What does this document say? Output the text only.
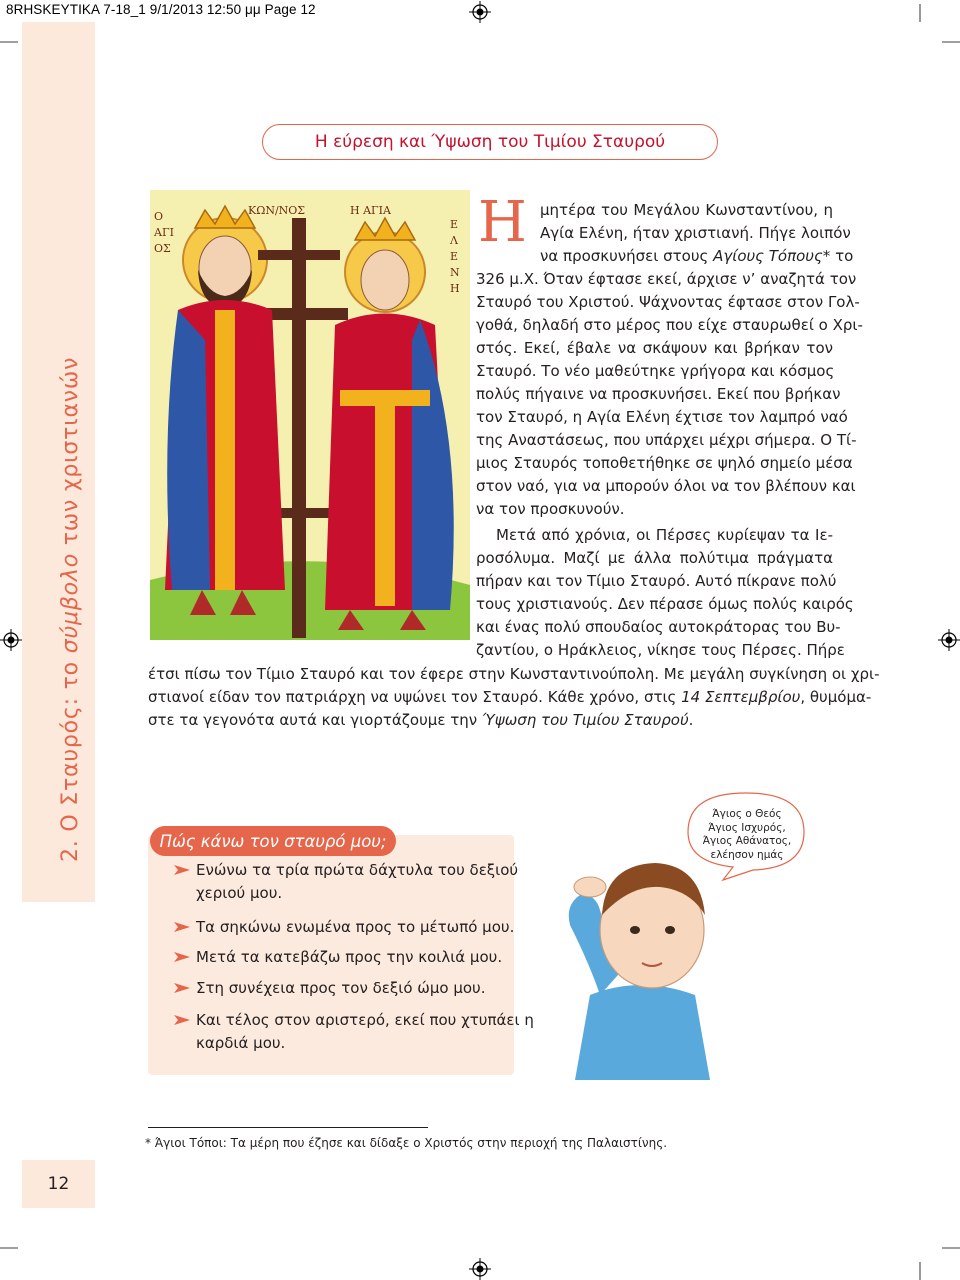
8RHSKEYTIKA 7-18_1 9/1/2013 12:50 μμ Page 12
2. Ο Σταυρός: το σύμβολο των χριστιανών
Η εύρεση και Ύψωση του Τιμίου Σταυρού
Ο
ΑΓΙ
ΟΣ
ΚΩΝ/ΝΟΣ	Η ΑΓΙΑ
Ε
Λ
Ε
Ν
Η
Η μητέρα του Μεγάλου Κωνσταντίνου, η
Αγία Ελένη, ήταν χριστιανή. Πήγε λοιπόν
να προσκυνήσει στους Αγίους Τόπους* το
326 μ.Χ. Όταν έφτασε εκεί, άρχισε ν’ αναζητά τον
Σταυρό του Χριστού. Ψάχνοντας έφτασε στον Γολ-
γοθά, δηλαδή στο μέρος που είχε σταυρωθεί ο Χρι-
στός. Εκεί, έβαλε να σκάψουν και βρήκαν τον
Σταυρό. Το νέο μαθεύτηκε γρήγορα και κόσμος
πολύς πήγαινε να προσκυνήσει. Εκεί που βρήκαν
τον Σταυρό, η Αγία Ελένη έχτισε τον λαμπρό ναό
της Αναστάσεως, που υπάρχει μέχρι σήμερα. Ο Τί-
μιος Σταυρός τοποθετήθηκε σε ψηλό σημείο μέσα
στον ναό, για να μπορούν όλοι να τον βλέπουν και
να τον προσκυνούν.
Μετά από χρόνια, οι Πέρσες κυρίεψαν τα Ιε-
ροσόλυμα. Μαζί με άλλα πολύτιμα πράγματα
πήραν και τον Τίμιο Σταυρό. Αυτό πίκρανε πολύ
τους χριστιανούς. Δεν πέρασε όμως πολύς καιρός
και ένας πολύ σπουδαίος αυτοκράτορας του Βυ-
ζαντίου, ο Ηράκλειος, νίκησε τους Πέρσες. Πήρε
έτσι πίσω τον Τίμιο Σταυρό και τον έφερε στην Κωνσταντινούπολη. Με μεγάλη συγκίνηση οι χρι-
στιανοί είδαν τον πατριάρχη να υψώνει τον Σταυρό. Κάθε χρόνο, στις 14 Σεπτεμβρίου, θυμόμα-
στε τα γεγονότα αυτά και γιορτάζουμε την Ύψωση του Τιμίου Σταυρού.
Πώς κάνω τον σταυρό μου;
Ενώνω τα τρία πρώτα δάχτυλα του δεξιού
χεριού μου.
Τα σηκώνω ενωμένα προς το μέτωπό μου.
Μετά τα κατεβάζω προς την κοιλιά μου.
Στη συνέχεια προς τον δεξιό ώμο μου.
Και τέλος στον αριστερό, εκεί που χτυπάει η
καρδιά μου.
Άγιος ο Θεός
Άγιος Ισχυρός,
Άγιος Αθάνατος,
ελέησον ημάς
* Άγιοι Τόποι: Τα μέρη που έζησε και δίδαξε ο Χριστός στην περιοχή της Παλαιστίνης.
12
